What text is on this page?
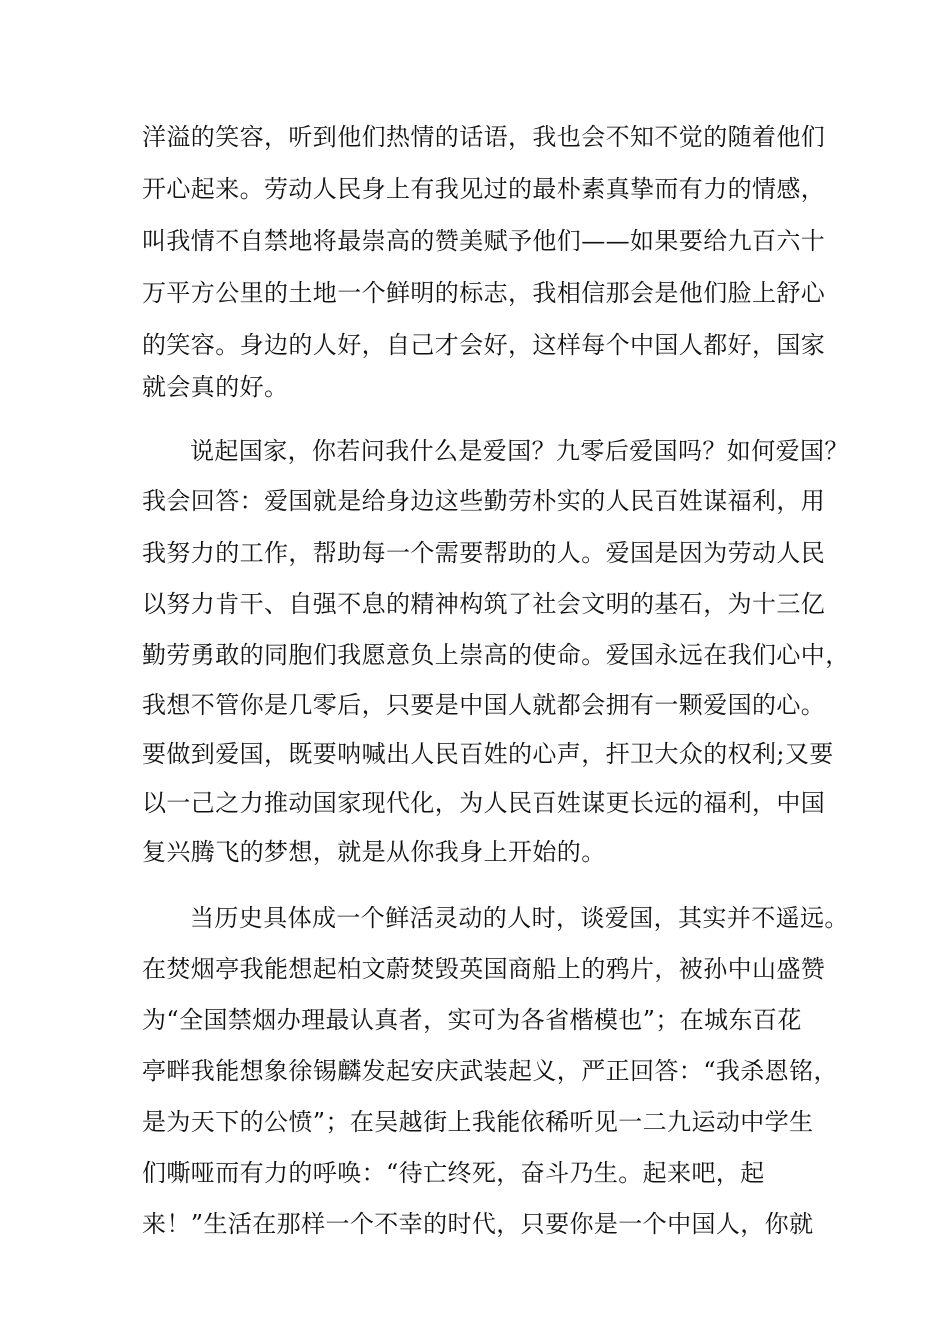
洋溢的笑容，听到他们热情的话语，我也会不知不觉的随着他们
开心起来。劳动人民身上有我见过的最朴素真挚而有力的情感，
叫我情不自禁地将最崇高的赞美赋予他们——如果要给九百六十
万平方公里的土地一个鲜明的标志，我相信那会是他们脸上舒心
的笑容。身边的人好，自己才会好，这样每个中国人都好，国家
就会真的好。
说起国家，你若问我什么是爱国？九零后爱国吗？如何爱国？
我会回答：爱国就是给身边这些勤劳朴实的人民百姓谋福利，用
我努力的工作，帮助每一个需要帮助的人。爱国是因为劳动人民
以努力肯干、自强不息的精神构筑了社会文明的基石，为十三亿
勤劳勇敢的同胞们我愿意负上崇高的使命。爱国永远在我们心中，
我想不管你是几零后，只要是中国人就都会拥有一颗爱国的心。
要做到爱国，既要呐喊出人民百姓的心声，扞卫大众的权利;又要
以一己之力推动国家现代化，为人民百姓谋更长远的福利，中国
复兴腾飞的梦想，就是从你我身上开始的。
当历史具体成一个鲜活灵动的人时，谈爱国，其实并不遥远。
在焚烟亭我能想起柏文蔚焚毁英国商船上的鸦片，被孙中山盛赞
为“全国禁烟办理最认真者，实可为各省楷模也”；在城东百花
亭畔我能想象徐锡麟发起安庆武装起义，严正回答：“我杀恩铭，
是为天下的公愤”；在吴越街上我能依稀听见一二九运动中学生
们嘶哑而有力的呼唤：“待亡终死，奋斗乃生。起来吧，起
来！”生活在那样一个不幸的时代，只要你是一个中国人，你就
